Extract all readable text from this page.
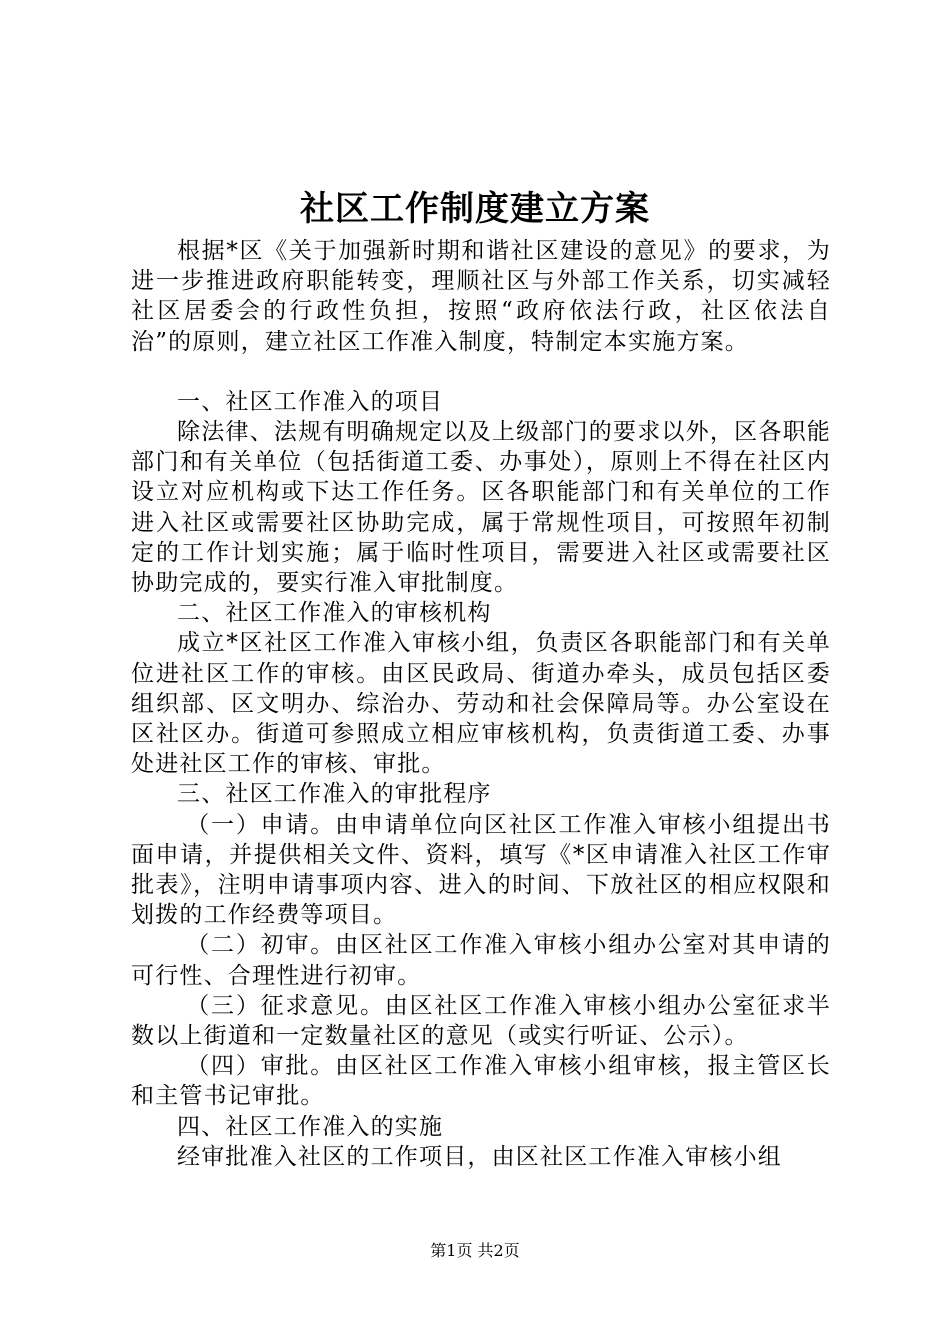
社区工作制度建立方案

根据*区《关于加强新时期和谐社区建设的意见》的要求，为进一步推进政府职能转变，理顺社区与外部工作关系，切实减轻社区居委会的行政性负担，按照“政府依法行政，社区依法自治”的原则，建立社区工作准入制度，特制定本实施方案。

一、社区工作准入的项目

除法律、法规有明确规定以及上级部门的要求以外，区各职能部门和有关单位（包括街道工委、办事处），原则上不得在社区内设立对应机构或下达工作任务。区各职能部门和有关单位的工作进入社区或需要社区协助完成，属于常规性项目，可按照年初制定的工作计划实施；属于临时性项目，需要进入社区或需要社区协助完成的，要实行准入审批制度。

二、社区工作准入的审核机构

成立*区社区工作准入审核小组，负责区各职能部门和有关单位进社区工作的审核。由区民政局、街道办牵头，成员包括区委组织部、区文明办、综治办、劳动和社会保障局等。办公室设在区社区办。街道可参照成立相应审核机构，负责街道工委、办事处进社区工作的审核、审批。

三、社区工作准入的审批程序

（一）申请。由申请单位向区社区工作准入审核小组提出书面申请，并提供相关文件、资料，填写《*区申请准入社区工作审批表》，注明申请事项内容、进入的时间、下放社区的相应权限和划拨的工作经费等项目。

（二）初审。由区社区工作准入审核小组办公室对其申请的可行性、合理性进行初审。

（三）征求意见。由区社区工作准入审核小组办公室征求半数以上街道和一定数量社区的意见（或实行听证、公示）。

（四）审批。由区社区工作准入审核小组审核，报主管区长和主管书记审批。

四、社区工作准入的实施

经审批准入社区的工作项目，由区社区工作准入审核小组

第1页 共2页
